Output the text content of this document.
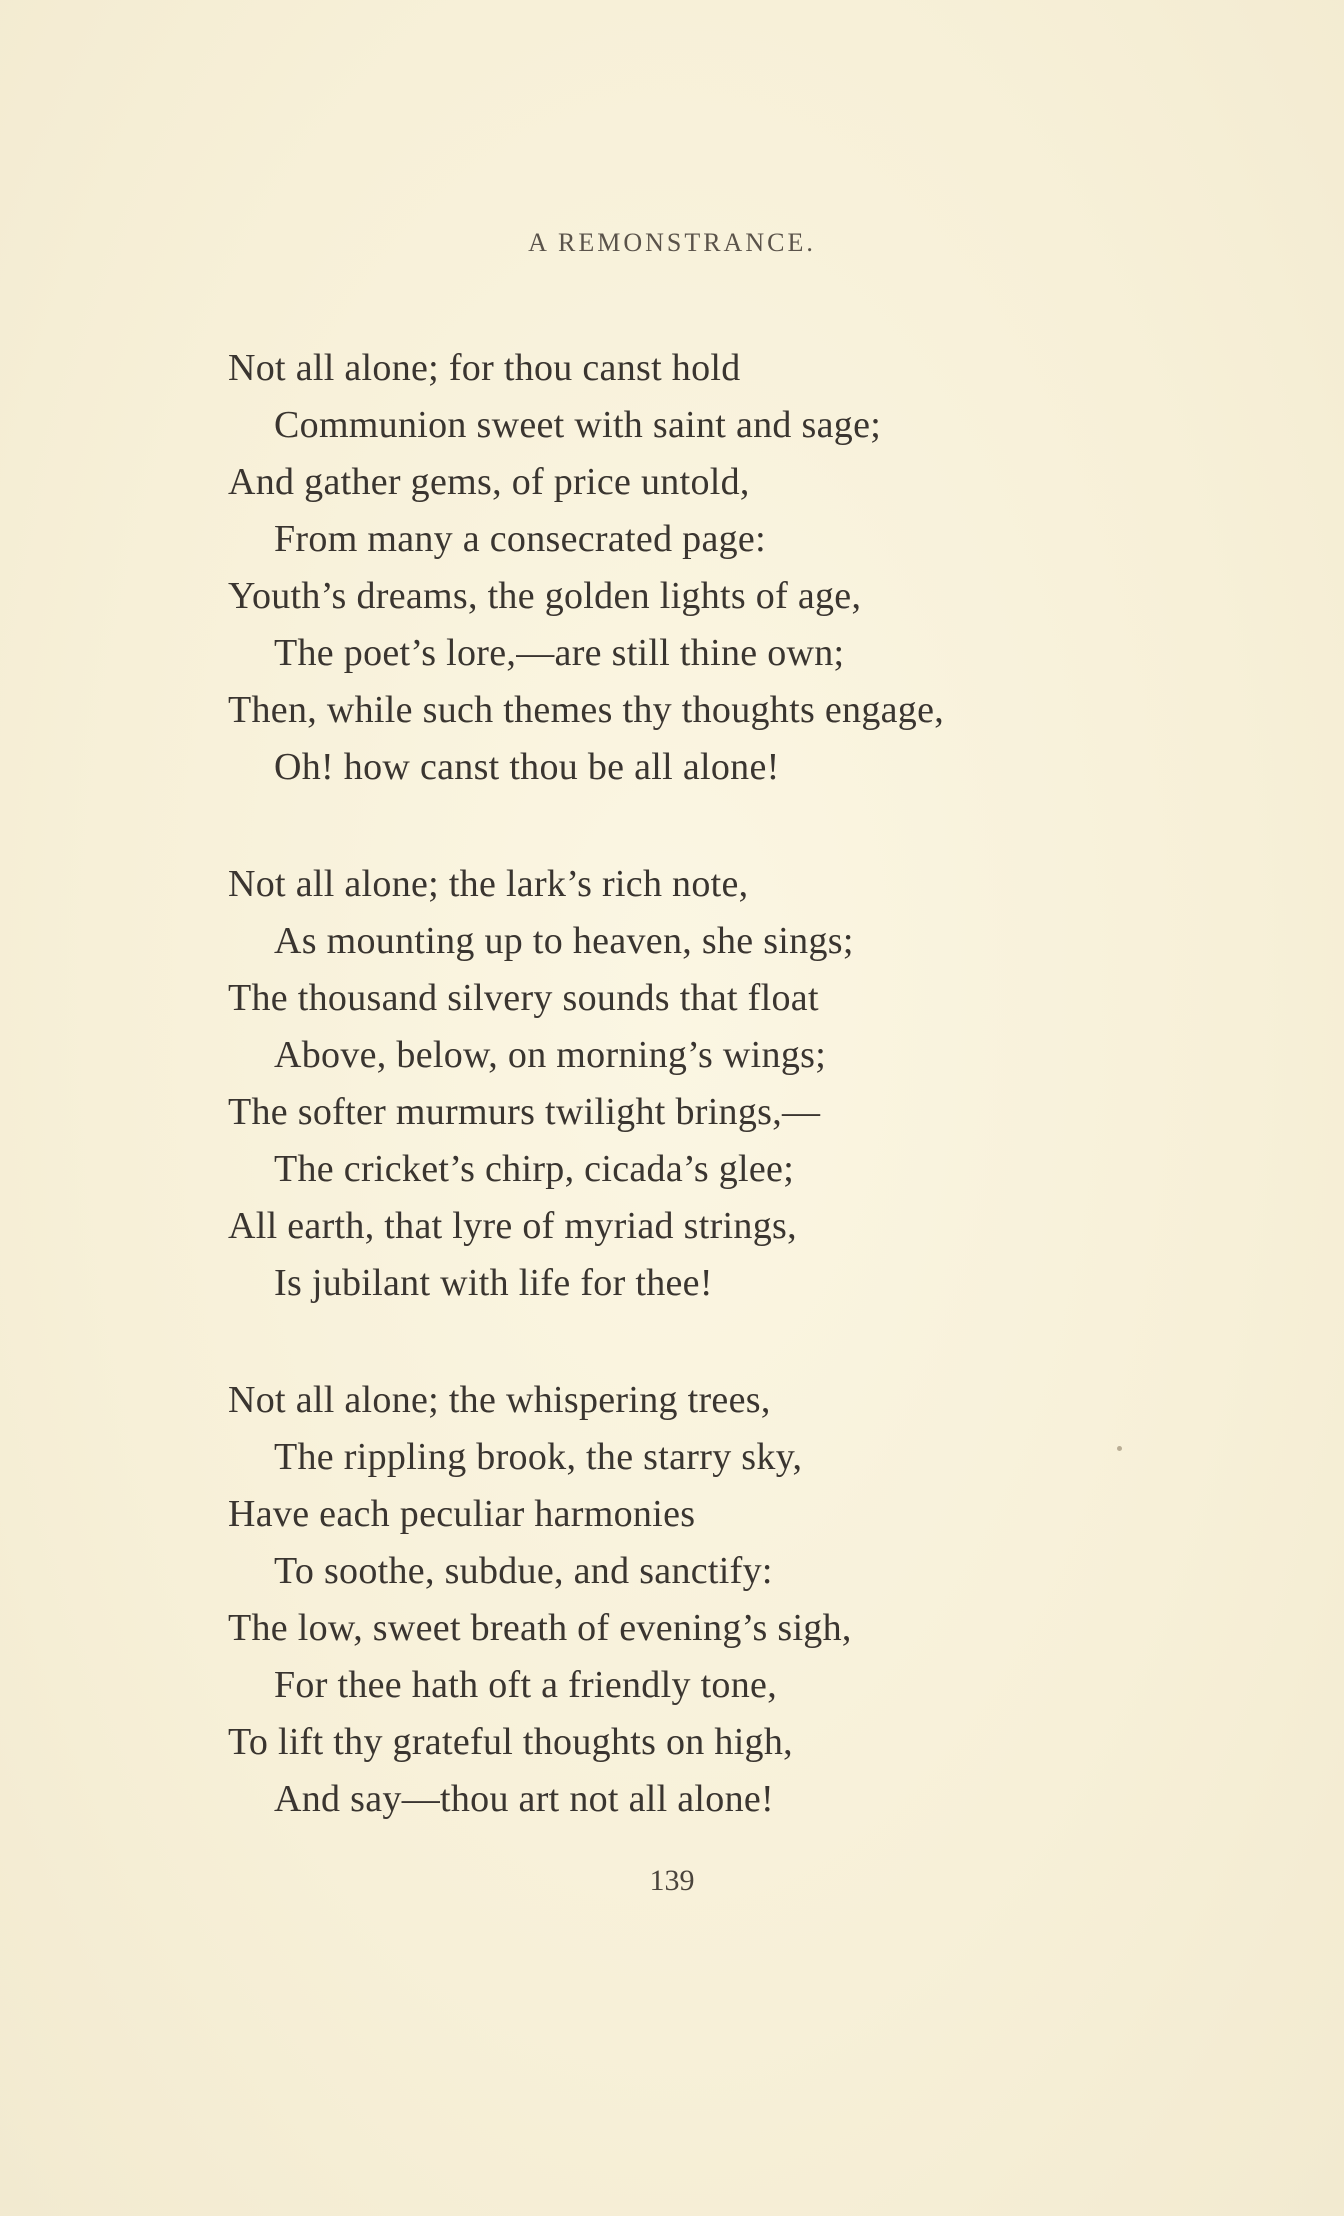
A REMONSTRANCE.
Not all alone; for thou canst hold
Communion sweet with saint and sage;
And gather gems, of price untold,
From many a consecrated page:
Youth’s dreams, the golden lights of age,
The poet’s lore,—are still thine own;
Then, while such themes thy thoughts engage,
Oh! how canst thou be all alone!
Not all alone; the lark’s rich note,
As mounting up to heaven, she sings;
The thousand silvery sounds that float
Above, below, on morning’s wings;
The softer murmurs twilight brings,—
The cricket’s chirp, cicada’s glee;
All earth, that lyre of myriad strings,
Is jubilant with life for thee!
Not all alone; the whispering trees,
The rippling brook, the starry sky,
Have each peculiar harmonies
To soothe, subdue, and sanctify:
The low, sweet breath of evening’s sigh,
For thee hath oft a friendly tone,
To lift thy grateful thoughts on high,
And say—thou art not all alone!
139
